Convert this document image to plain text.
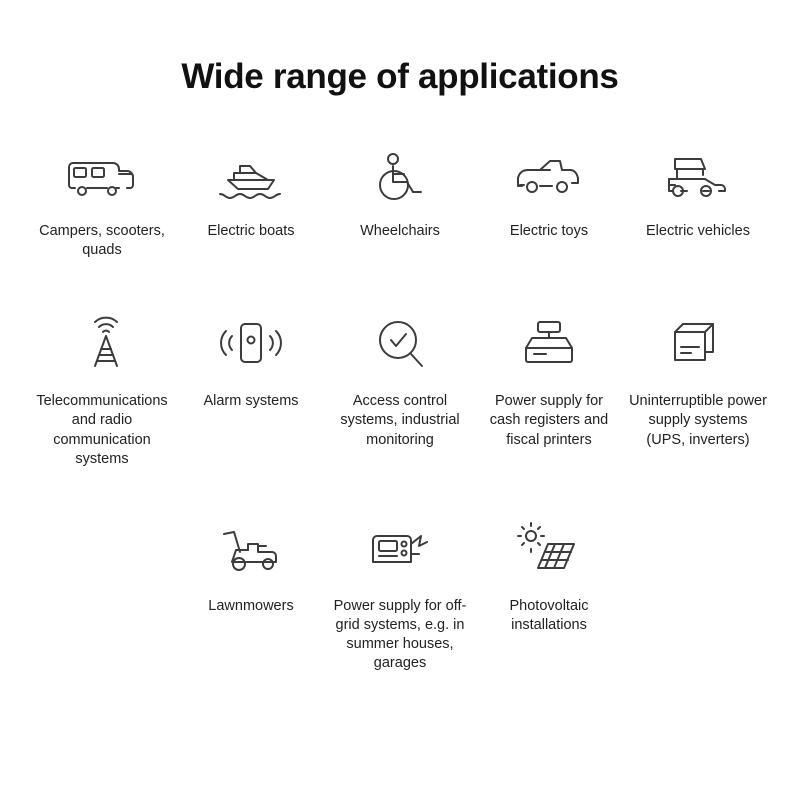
Wide range of applications
Campers, scooters, quads
Electric boats	Wheelchairs	Electric toys	Electric vehicles
Telecommunications and radio communication systems
Alarm systems	Access control systems, industrial monitoring
Power supply for cash registers and fiscal printers
Uninterruptible power supply systems (UPS, inverters)
Lawnmowers	Power supply for off-grid systems, e.g. in summer houses, garages
Photovoltaic installations
